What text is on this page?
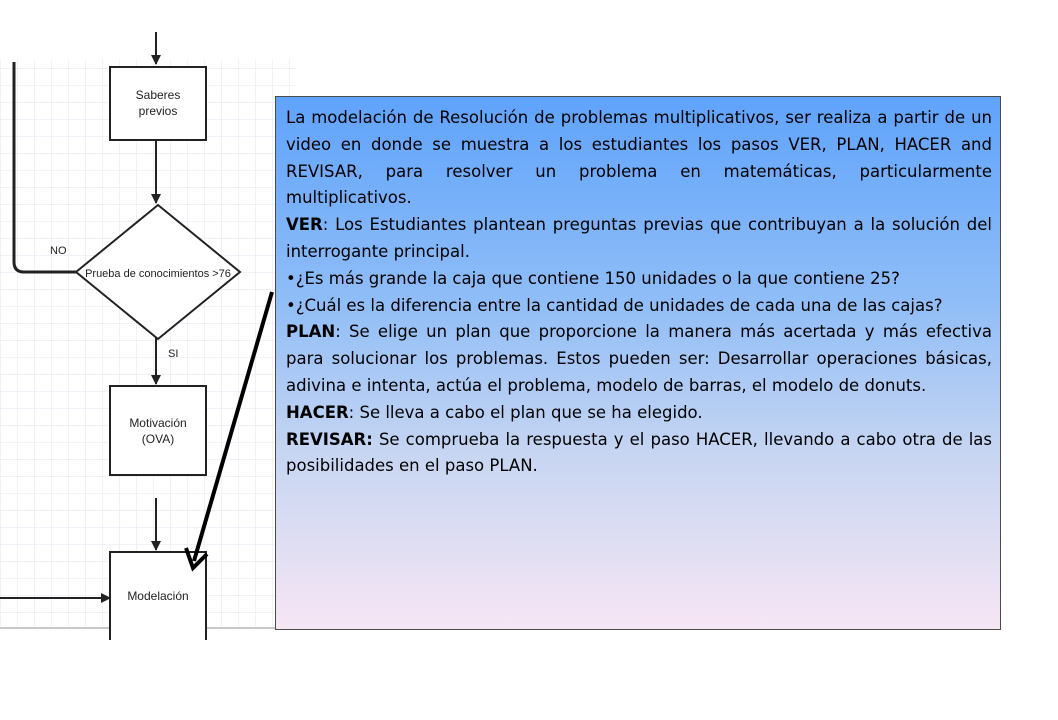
Saberes
previos
Prueba de conocimientos >76
NO
SI
Motivación
(OVA)
Modelación

La modelación de Resolución de problemas multiplicativos, ser realiza a partir de un video en donde se muestra a los estudiantes los pasos VER, PLAN, HACER and REVISAR, para resolver un problema en matemáticas, particularmente multiplicativos.

VER: Los Estudiantes plantean preguntas previas que contribuyan a la solución del interrogante principal.

•¿Es más grande la caja que contiene 150 unidades o la que contiene 25?

•¿Cuál es la diferencia entre la cantidad de unidades de cada una de las cajas?

PLAN: Se elige un plan que proporcione la manera más acertada y más efectiva para solucionar los problemas. Estos pueden ser: Desarrollar operaciones básicas, adivina e intenta, actúa el problema, modelo de barras, el modelo de donuts.

HACER: Se lleva a cabo el plan que se ha elegido.

REVISAR: Se comprueba la respuesta y el paso HACER, llevando a cabo otra de las posibilidades en el paso PLAN.
